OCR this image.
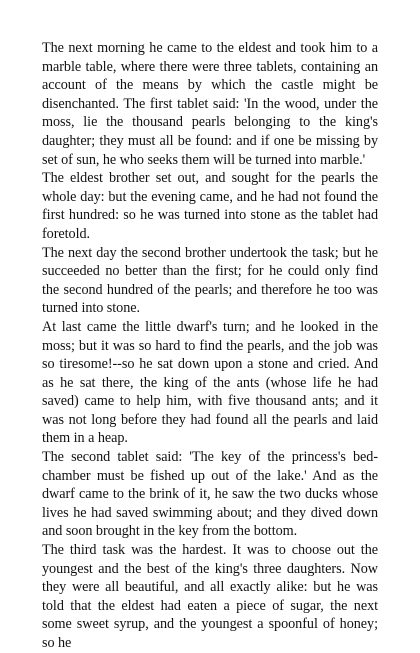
The next morning he came to the eldest and took him to a marble table, where there were three tablets, containing an account of the means by which the castle might be disenchanted. The first tablet said: 'In the wood, under the moss, lie the thousand pearls belonging to the king's daughter; they must all be found: and if one be missing by set of sun, he who seeks them will be turned into marble.'

The eldest brother set out, and sought for the pearls the whole day: but the evening came, and he had not found the first hundred: so he was turned into stone as the tablet had foretold.

The next day the second brother undertook the task; but he succeeded no better than the first; for he could only find the second hundred of the pearls; and therefore he too was turned into stone.

At last came the little dwarf's turn; and he looked in the moss; but it was so hard to find the pearls, and the job was so tiresome!--so he sat down upon a stone and cried. And as he sat there, the king of the ants (whose life he had saved) came to help him, with five thousand ants; and it was not long before they had found all the pearls and laid them in a heap.

The second tablet said: 'The key of the princess's bed-chamber must be fished up out of the lake.' And as the dwarf came to the brink of it, he saw the two ducks whose lives he had saved swimming about; and they dived down and soon brought in the key from the bottom.

The third task was the hardest. It was to choose out the youngest and the best of the king's three daughters. Now they were all beautiful, and all exactly alike: but he was told that the eldest had eaten a piece of sugar, the next some sweet syrup, and the youngest a spoonful of honey; so he
